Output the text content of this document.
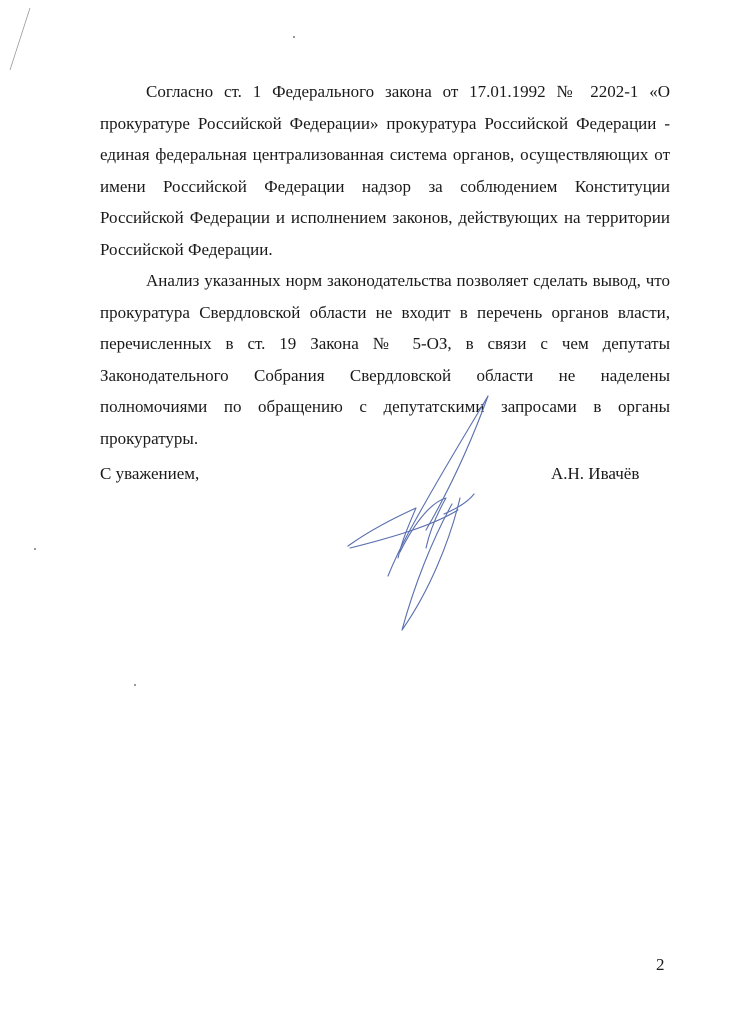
Согласно ст. 1 Федерального закона от 17.01.1992 № 2202-1 «О прокуратуре Российской Федерации» прокуратура Российской Федерации - единая федеральная централизованная система органов, осуществляющих от имени Российской Федерации надзор за соблюдением Конституции Российской Федерации и исполнением законов, действующих на территории Российской Федерации.

Анализ указанных норм законодательства позволяет сделать вывод, что прокуратура Свердловской области не входит в перечень органов власти, перечисленных в ст. 19 Закона № 5-ОЗ, в связи с чем депутаты Законодательного Собрания Свердловской области не наделены полномочиями по обращению с депутатскими запросами в органы прокуратуры.

С уважением,	А.Н. Ивачёв
2
